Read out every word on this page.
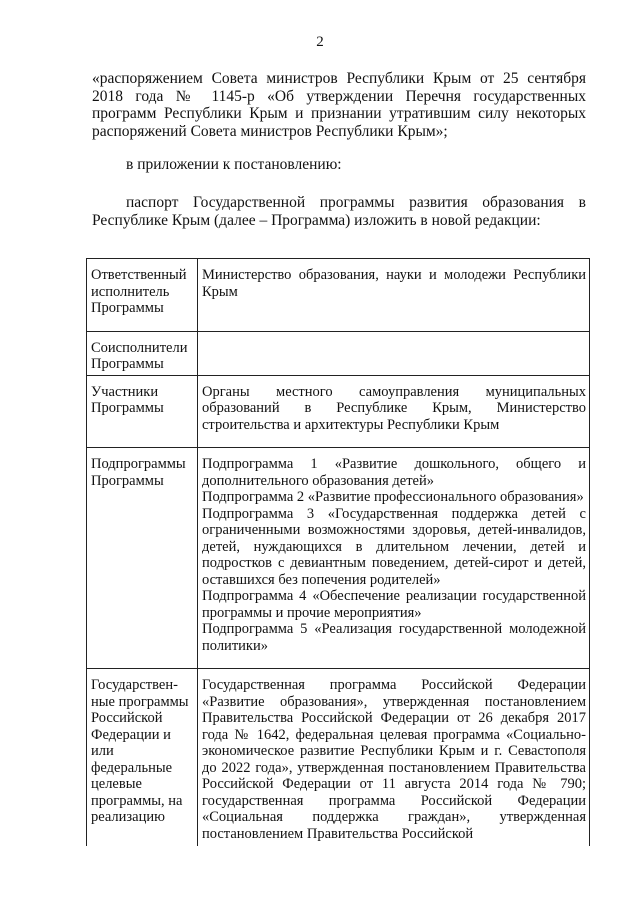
2

«распоряжением Совета министров Республики Крым от 25 сентября 2018 года № 1145-р «Об утверждении Перечня государственных программ Республики Крым и признании утратившим силу некоторых распоряжений Совета министров Республики Крым»;

в приложении к постановлению:

паспорт Государственной программы развития образования в Республике Крым (далее – Программа) изложить в новой редакции:

Ответственный исполнитель Программы	Министерство образования, науки и молодежи Республики Крым
Соисполнители Программы	

Участники Программы	Органы местного самоуправления муниципальных образований в Республике Крым, Министерство строительства и архитектуры Республики Крым
Подпрограммы Программы	Подпрограмма 1 «Развитие дошкольного, общего и дополнительного образования детей»
Подпрограмма 2 «Развитие профессионального образования»
Подпрограмма 3 «Государственная поддержка детей с ограниченными возможностями здоровья, детей-инвалидов, детей, нуждающихся в длительном лечении, детей и подростков с девиантным поведением, детей-сирот и детей, оставшихся без попечения родителей»
Подпрограмма 4 «Обеспечение реализации государственной программы и прочие мероприятия»
Подпрограмма 5 «Реализация государственной молодежной политики»

Государствен-ные программы Российской Федерации и или федеральные целевые программы, на реализацию	Государственная программа Российской Федерации «Развитие образования», утвержденная постановлением Правительства Российской Федерации от 26 декабря 2017 года № 1642, федеральная целевая программа «Социально-экономическое развитие Республики Крым и г. Севастополя до 2022 года», утвержденная постановлением Правительства Российской Федерации от 11 августа 2014 года № 790; государственная программа Российской Федерации «Социальная поддержка граждан», утвержденная постановлением Правительства Российской
